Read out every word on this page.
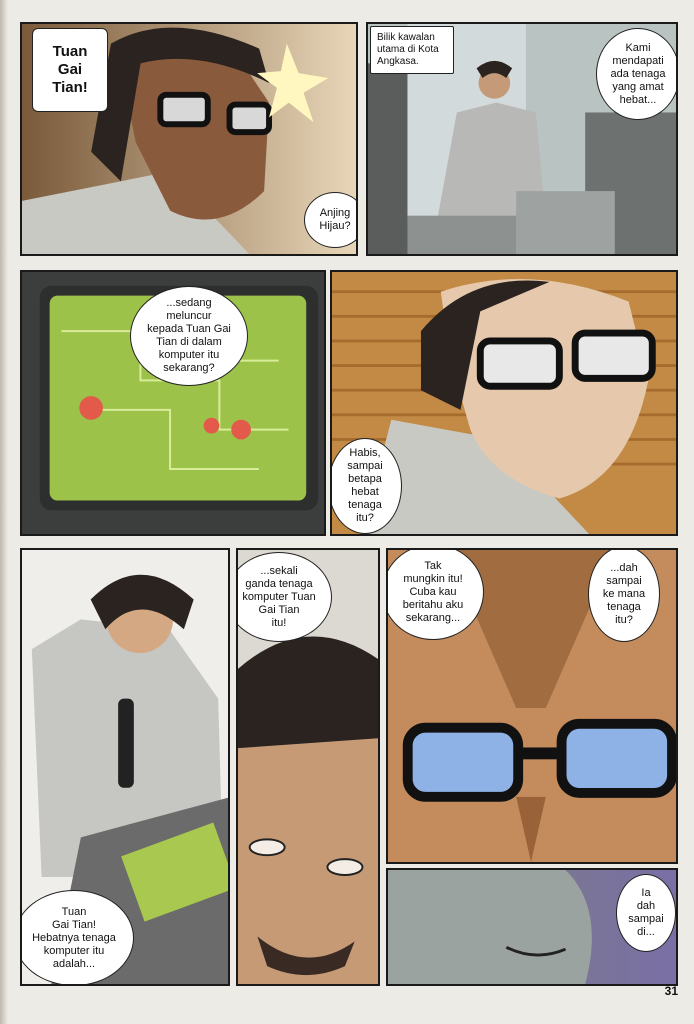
Tuan
Gai
Tian!
Anjing
Hijau?
Bilik kawalan
utama di Kota
Angkasa.
Kami
mendapati
ada tenaga
yang amat
hebat...
...sedang
meluncur
kepada Tuan Gai
Tian di dalam
komputer itu
sekarang?
Habis,
sampai
betapa
hebat
tenaga
itu?
Tuan
Gai Tian!
Hebatnya tenaga
komputer itu
adalah...
...sekali
ganda tenaga
komputer Tuan
Gai Tian
itu!
Tak
mungkin itu!
Cuba kau
beritahu aku
sekarang...
...dah
sampai
ke mana
tenaga
itu?
Ia
dah
sampai
di...
31
